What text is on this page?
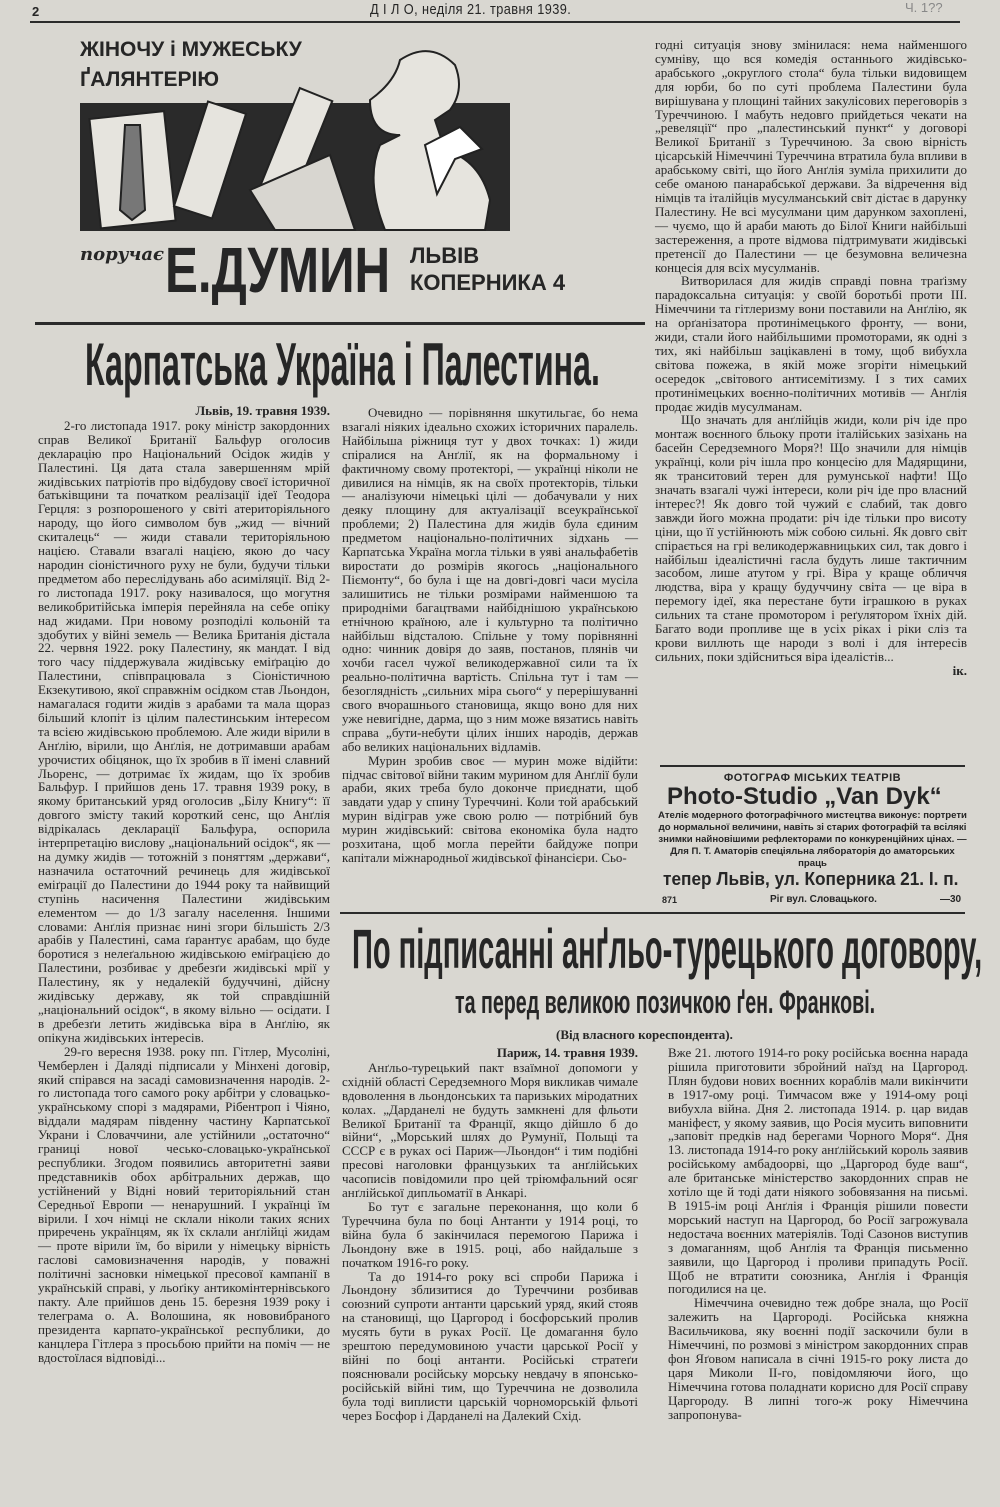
2	Д І Л О, неділя 21. травня 1939.	Ч. 1??
ЖІНОЧУ і МУЖЕСЬКУ
ҐАЛЯНТЕРІЮ
поручає Е.ДУМИН ЛЬВІВ
КОПЕРНИКА 4
Карпатська Україна і Палестина.

Львів, 19. травня 1939.

2-го листопада 1917. року міністр закордонних справ Великої Британії Бальфур оголосив декларацію про Національний Осідок жидів у Палестині. Ця дата стала завершенням мрій жидівських патріотів про відбудову своєї історичної батьківщини та початком реалізації ідеї Теодора Герцля: з розпорошеного у світі атериторіяльного народу, що його символом був „жид — вічний скиталець“ — жиди ставали територіяльною нацією. Ставали взагалі нацією, якою до часу народин сіоністичного руху не були, будучи тільки предметом або переслідувань або асиміляції. Від 2-го листопада 1917. року називалося, що могутня великобритійська імперія перейняла на себе опіку над жидами. При новому розподілі кольоній та здобутих у війні земель — Велика Британія дістала 22. червня 1922. року Палестину, як мандат. І від того часу піддержувала жидівську еміґрацію до Палестини, співпрацювала з Сіоністичною Екзекутивою, якої справжнім осідком став Льондон, намагалася годити жидів з арабами та мала щораз більший клопіт із цілим палестинським інтересом та всією жидівською проблемою. Але жиди вірили в Анґлію, вірили, що Анґлія, не дотримавши арабам урочистих обіцянок, що їх зробив в її імені славний Льоренс, — дотримає їх жидам, що їх зробив Бальфур. І прийшов день 17. травня 1939 року, в якому британський уряд оголосив „Білу Книгу“: її довгого змісту такий короткий сенс, що Анґлія відрікалась декларації Бальфура, оспорила інтерпретацію вислову „національний осідок“, як — на думку жидів — тотожній з поняттям „держави“, назначила остаточний речинець для жидівської еміґрації до Палестини до 1944 року та найвищий ступінь насичення Палестини жидівським елементом — до 1/3 загалу населення. Іншими словами: Анґлія признає нині згори більшість 2/3 арабів у Палестині, сама ґарантує арабам, що буде боротися з нелеґальною жидівською еміґрацією до Палестини, розбиває у дребезґи жидівські мрії у Палестину, як у недалекій будуччині, дійсну жидівську державу, як той справдішній „національний осідок“, в якому вільно — осідати. І в дребезґи летить жидівська віра в Анґлію, як опікуна жидівських інтересів.

29-го вересня 1938. року пп. Гітлер, Мусоліні, Чемберлен і Даляді підписали у Мінхені договір, який спірався на засаді самовизначення народів. 2-го листопада того самого року арбітри у словацько-українському спорі з мадярами, Рібентроп і Чіяно, віддали мадярам південну частину Карпатської Украни і Словаччини, але устійнили „остаточно“ границі нової чесько-словацько-української республики. Згодом появились авторитетні заяви представників обох арбітральних держав, що устійнений у Відні новий територіяльний стан Середньої Европи — ненарушний. І українці їм вірили. І хоч німці не склали ніколи таких ясних приречень українцям, як їх склали анґлійці жидам — проте вірили їм, бо вірили у німецьку вірність гаслові самовизначення народів, у поважні політичні засновки німецької пресової кампанії в українській справі, у льоґіку антикомінтернівського пакту. Але прийшов день 15. березня 1939 року і телеграма о. А. Волошина, як нововибраного президента карпато-української республики, до канцлера Гітлера з просьбою прийти на поміч — не вдостоїлася відповіді...

Очевидно — порівняння шкутильгає, бо нема взагалі ніяких ідеально схожих історичних паралель. Найбільша ріжниця тут у двох точках: 1) жиди спіралися на Анґлії, як на формальному і фактичному свому протекторі, — українці ніколи не дивилися на німців, як на своїх протекторів, тільки — аналізуючи німецькі цілі — добачували у них деяку площину для актуалізації всеукраїнської проблеми; 2) Палестина для жидів була єдиним предметом національно-політичних зідхань — Карпатська Україна могла тільки в уяві анальфабетів виростати до розмірів якогось „національного Піємонту“, бо була і ще на довгі-довгі часи мусіла залишитись не тільки розмірами найменшою та природніми багацтвами найбіднішою українською етнічною країною, але і культурно та політично найбільш відсталою. Спільне у тому порівнянні одно: чинник довіря до заяв, постанов, плянів чи хочби гасел чужої великодержавної сили та їх реально-політична вартість. Спільна тут і там — безоглядність „сильних міра сього“ у перерішуванні свого вчорашнього становища, якщо воно для них уже невигідне, дарма, що з ним може вязатись навіть справа „бути-небути цілих інших народів, держав або великих національних відламів.

Мурин зробив своє — мурин може відійти: підчас світової війни таким мурином для Анґлії були араби, яких треба було доконче приєднати, щоб завдати удар у спину Туреччині. Коли той арабський мурин відіграв уже свою ролю — потрібний був мурин жидівський: світова економіка була надто розхитана, щоб могла перейти байдуже попри капітали міжнародньої жидівської фінансієри. Сьо-

годні ситуація знову змінилася: нема найменшого сумніву, що вся комедія останнього жидівсько-арабського „округлого стола“ була тільки видовищем для юрби, бо по суті проблема Палестини була вирішувана у площині тайних закулісових переговорів з Туреччиною. І мабуть недовго прийдеться чекати на „ревеляції“ про „палестинський пункт“ у договорі Великої Британії з Туреччиною. За свою вірність цісарській Німеччині Туреччина втратила була впливи в арабському світі, що його Анґлія зуміла прихилити до себе оманою панарабської держави. За відречення від німців та італійців мусулманський світ дістає в дарунку Палестину. Не всі мусулмани цим дарунком захоплені, — чуємо, що й араби мають до Білої Книги найбільші застереження, а проте відмова підтримувати жидівські претенсії до Палестини — це безумовна величезна концесія для всіх мусулманів.

Витворилася для жидів справді повна траґізму парадоксальна ситуація: у своїй боротьбі проти III. Німеччини та гітлеризму вони поставили на Анґлію, як на орґанізатора протинімецького фронту, — вони, жиди, стали його найбільшими промоторами, як одні з тих, які найбільш зацікавлені в тому, щоб вибухла світова пожежа, в якій може згоріти німецький осередок „світового антисемітизму. І з тих самих протинімецьких воєнно-політичних мотивів — Анґлія продає жидів мусулманам.

Що значать для анґлійців жиди, коли річ іде про монтаж воєнного бльоку проти італійських зазіхань на басейн Середземного Моря?! Що значили для німців українці, коли річ ішла про концесію для Мадярщини, як транситовий терен для румунської нафти! Що значать взагалі чужі інтереси, коли річ іде про власний інтерес?! Як довго той чужий є слабий, так довго завжди його можна продати: річ іде тільки про висоту ціни, що її устійнюють між собою сильні. Як довго світ спірається на грі великодержавницьких сил, так довго і найбільш ідеалістичні гасла будуть лише тактичним засобом, лише атутом у грі. Віра у краще обличчя людства, віра у кращу будуччину світа — це віра в перемогу ідеї, яка перестане бути іграшкою в руках сильних та стане промотором і реґулятором їхніх дій. Багато води пропливе ще в усіх ріках і ріки сліз та крови виллють ще народи з волі і для інтересів сильних, поки здійсниться віра ідеалістів...

ік.

ФОТОГРАФ МІСЬКИХ ТЕАТРІВ
Photo-Studio „Van Dyk“
Ателіє модерного фотографічного мистецтва виконує: портрети до нормальної величини, навіть зі старих фотографій та всілякі знимки найновішими рефлекторами по конкуренційних цінах. — Для П. Т. Аматорів спеціяльна лябораторія до аматорських праць
тепер Львів, ул. Коперника 21. І. п.
871	Ріг вул. Словацького.	—30
По підписанні анґльо-турецького договору,
та перед великою позичкою ґен. Франкові.
(Від власного кореспондента).

Париж, 14. травня 1939.

Анґльо-турецький пакт взаїмної допомоги у східній області Середземного Моря викликав чимале вдоволення в льондонських та паризьких міродатних колах. „Дарданелі не будуть замкнені для фльоти Великої Британії та Франції, якщо дійшло б до війни“, „Морський шлях до Румунії, Польщі та СССР є в руках осі Париж—Льондон“ і тим подібні пресові наголовки французьких та анґлійських часописів повідомили про цей тріюмфальний осяг анґлійської дипльоматії в Анкарі.

Бо тут є загальне переконання, що коли б Туреччина була по боці Антанти у 1914 році, то війна була б закінчилася перемогою Парижа і Льондону вже в 1915. році, або найдальше з початком 1916-го року.

Та до 1914-го року всі спроби Парижа і Льондону зблизитися до Туреччини розбивав союзний супроти антанти царський уряд, який стояв на становищі, що Царгород і босфорський пролив мусять бути в руках Росії. Це домагання було зрештою передумовиною участи царської Росії у війні по боці антанти. Російські стратеґи пояснювали російську морську невдачу в японсько-російській війні тим, що Туреччина не дозволила була тоді виплисти царській чорноморській фльоті через Босфор і Дарданелі на Далекий Схід.

Вже 21. лютого 1914-го року російська воєнна нарада рішила приготовити збройний наїзд на Царгород. Плян будови нових воєнних кораблів мали викінчити в 1917-ому році. Тимчасом вже у 1914-ому році вибухла війна. Дня 2. листопада 1914. р. цар видав маніфест, у якому заявив, що Росія мусить виповнити „заповіт предків над берегами Чорного Моря“. Дня 13. листопада 1914-го року анґлійський король заявив російському амбадоорві, що „Царгород буде ваш“, але британське міністерство закордонних справ не хотіло ще й тоді дати ніякого зобовязання на письмі. В 1915-ім році Анґлія і Франція рішили повести морський наступ на Царгород, бо Росії загрожувала недостача воєнних матеріялів. Тоді Сазонов виступив з домаганням, щоб Анґлія та Франція письменно заявили, що Царгород і проливи припадуть Росії. Щоб не втратити союзника, Анґлія і Франція погодилися на це.

Німеччина очевидно теж добре знала, що Росії залежить на Царгороді. Російська княжна Васильчикова, яку воєнні події заскочили були в Німеччині, по розмові з міністром закордонних справ фон Яґовом написала в січні 1915-го року листа до царя Миколи II-го, повідомляючи його, що Німеччина готова поладнати корисно для Росії справу Царгороду. В липні того-ж року Німеччина запропонува-
